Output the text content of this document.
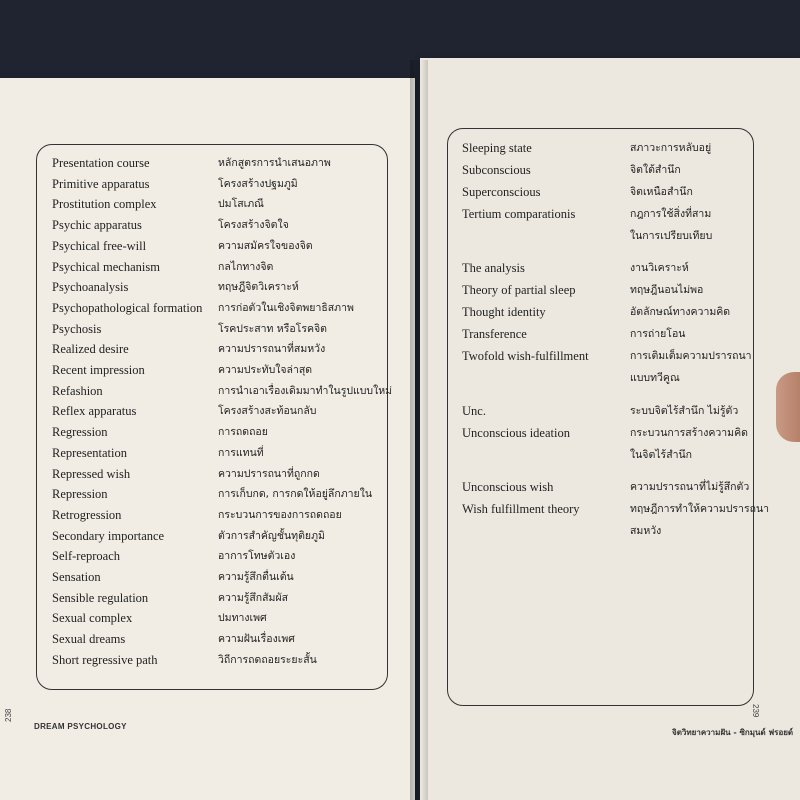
Presentation course	หลักสูตรการนำเสนอภาพ
Primitive apparatus	โครงสร้างปฐมภูมิ
Prostitution complex	ปมโสเภณี
Psychic apparatus	โครงสร้างจิตใจ
Psychical free-will	ความสมัครใจของจิต
Psychical mechanism	กลไกทางจิต
Psychoanalysis	ทฤษฎีจิตวิเคราะห์
Psychopathological formation การก่อตัวในเชิงจิตพยาธิสภาพ
Psychosis	โรคประสาท หรือโรคจิต
Realized desire	ความปรารถนาที่สมหวัง
Recent impression	ความประทับใจล่าสุด
Refashion	การนำเอาเรื่องเดิมมาทำในรูปแบบใหม่
Reflex apparatus	โครงสร้างสะท้อนกลับ
Regression	การถดถอย
Representation	การแทนที่
Repressed wish	ความปรารถนาที่ถูกกด
Repression	การเก็บกด, การกดให้อยู่ลึกภายใน
Retrogression	กระบวนการของการถดถอย
Secondary importance	ตัวการสำคัญชั้นทุติยภูมิ
Self-reproach	อาการโทษตัวเอง
Sensation	ความรู้สึกตื่นเต้น
Sensible regulation	ความรู้สึกสัมผัส
Sexual complex	ปมทางเพศ
Sexual dreams	ความฝันเรื่องเพศ
Short regressive path	วิถีการถดถอยระยะสั้น
Sleeping state	สภาวะการหลับอยู่
Subconscious	จิตใต้สำนึก
Superconscious	จิตเหนือสำนึก
Tertium comparationis	กฎการใช้สิ่งที่สาม
ในการเปรียบเทียบ
The analysis	งานวิเคราะห์
Theory of partial sleep	ทฤษฎีนอนไม่พอ
Thought identity	อัตลักษณ์ทางความคิด
Transference	การถ่ายโอน
Twofold wish-fulfillment	การเติมเต็มความปรารถนา
แบบทวีคูณ
Unc.	ระบบจิตไร้สำนึก ไม่รู้ตัว
Unconscious ideation	กระบวนการสร้างความคิด
ในจิตไร้สำนึก
Unconscious wish	ความปรารถนาที่ไม่รู้สึกตัว
Wish fulfillment theory	ทฤษฎีการทำให้ความปรารถนา
สมหวัง
238
DREAM PSYCHOLOGY
จิตวิทยาความฝัน - ซิกมุนด์ ฟรอยด์
239
